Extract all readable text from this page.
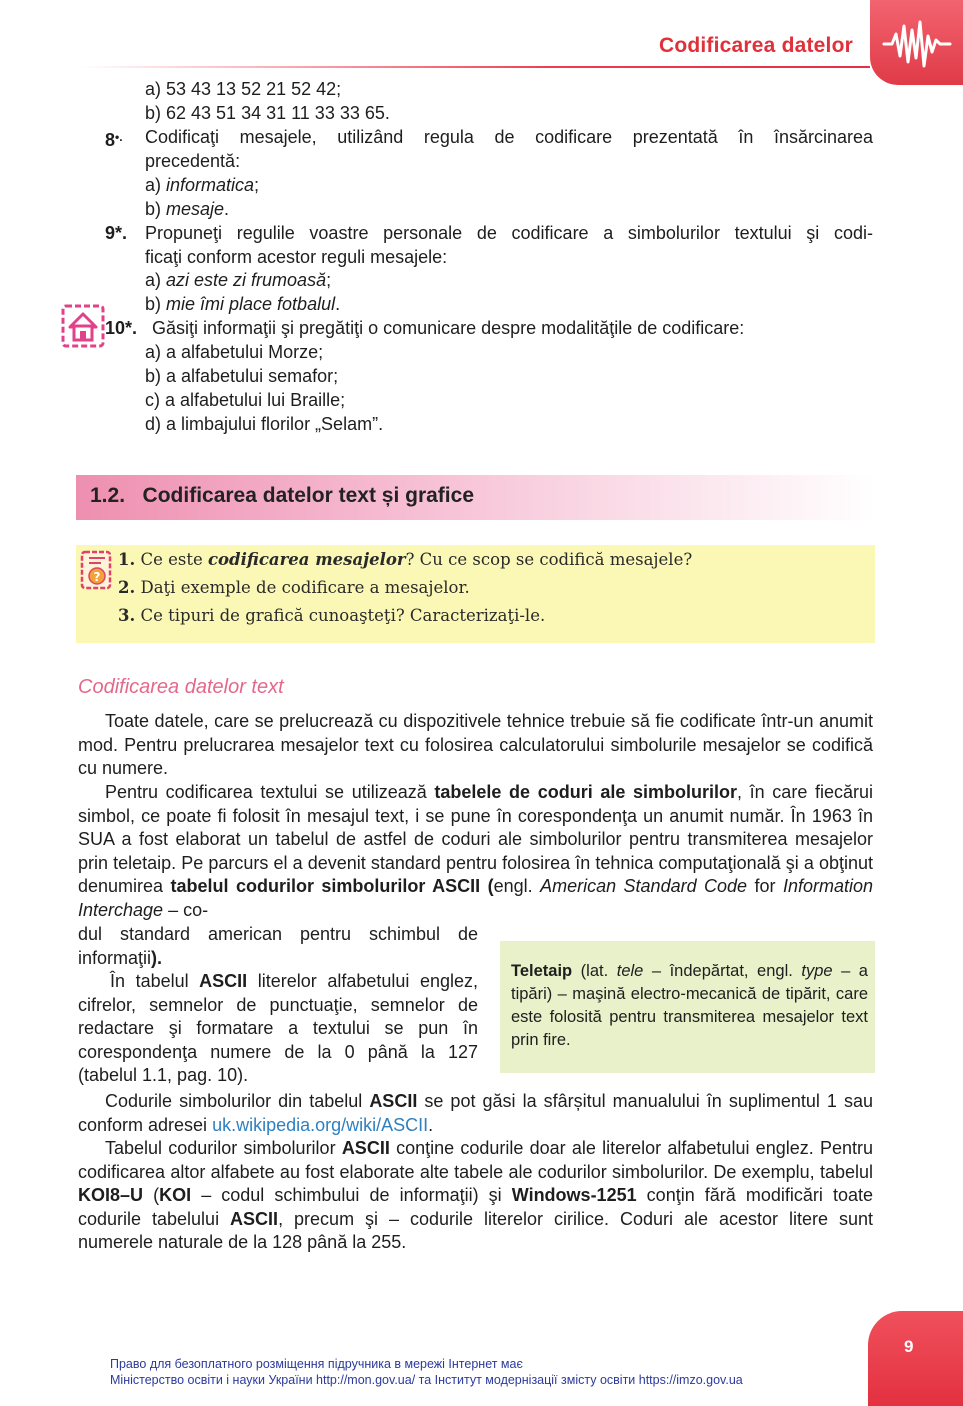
Codificarea datelor
a) 53 43 13 52 21 52 42;
b) 62 43 51 34 31 11 33 33 65.
8•. Codificaţi mesajele, utilizând regula de codificare prezentată în însărcinarea
precedentă:
a) informatica;
b) mesaje.
9*. Propuneţi regulile voastre personale de codificare a simbolurilor textului şi codi-
ficaţi conform acestor reguli mesajele:
a) azi este zi frumoasă;
b) mie îmi place fotbalul.
10*. Găsiţi informaţii şi pregătiţi o comunicare despre modalităţile de codificare:
a) a alfabetului Morze;
b) a alfabetului semafor;
c) a alfabetului lui Braille;
d) a limbajului florilor „Selam”.
1.2. Codificarea datelor text și grafice
?
1. Ce este codificarea mesajelor? Cu ce scop se codifică mesajele?
2. Daţi exemple de codificare a mesajelor.
3. Ce tipuri de grafică cunoaşteţi? Caracterizaţi-le.
Codificarea datelor text

Toate datele, care se prelucrează cu dispozitivele tehnice trebuie să fie codificate într-un anumit mod. Pentru prelucrarea mesajelor text cu folosirea calculatorului simbolurile mesajelor se codifică cu numere.

Pentru codificarea textului se utilizează tabelele de coduri ale simbolurilor, în care fiecărui simbol, ce poate fi folosit în mesajul text, i se pune în corespondenţa un anumit număr. În 1963 în SUA a fost elaborat un tabelul de astfel de coduri ale simbolurilor pentru transmiterea mesajelor prin teletaip. Pe parcurs el a devenit standard pentru folosirea în tehnica computaţională şi a obţinut denumirea tabelul codurilor simbolurilor ASCII (engl. American Standard Code for Information Interchage – co-

dul standard american pentru schimbul de informaţii).

În tabelul ASCII literelor alfabetului englez, cifrelor, semnelor de punctuaţie, semnelor de redactare şi formatare a textului se pun în corespondenţa numere de la 0 până la 127 (tabelul 1.1, pag. 10).

Teletaip (lat. tele – îndepărtat, engl. type – a tipări) – maşină electro-mecanică de tipărit, care este folosită pentru transmiterea mesajelor text prin fire.

Codurile simbolurilor din tabelul ASCII se pot găsi la sfârșitul manualului în suplimentul 1 sau conform adresei uk.wikipedia.org/wiki/ASCII.

Tabelul codurilor simbolurilor ASCII conţine codurile doar ale literelor alfabetului englez. Pentru codificarea altor alfabete au fost elaborate alte tabele ale codurilor simbolurilor. De exemplu, tabelul KOI8–U (KOI – codul schimbului de informaţii) şi Windows-1251 conţin fără modificări toate codurile tabelului ASCII, precum şi – codurile literelor cirilice. Coduri ale acestor litere sunt numerele naturale de la 128 până la 255.

9
Право для безоплатного розміщення підручника в мережі Інтернет має
Міністерство освіти і науки України http://mon.gov.ua/ та Інститут модернізації змісту освіти https://imzo.gov.ua
